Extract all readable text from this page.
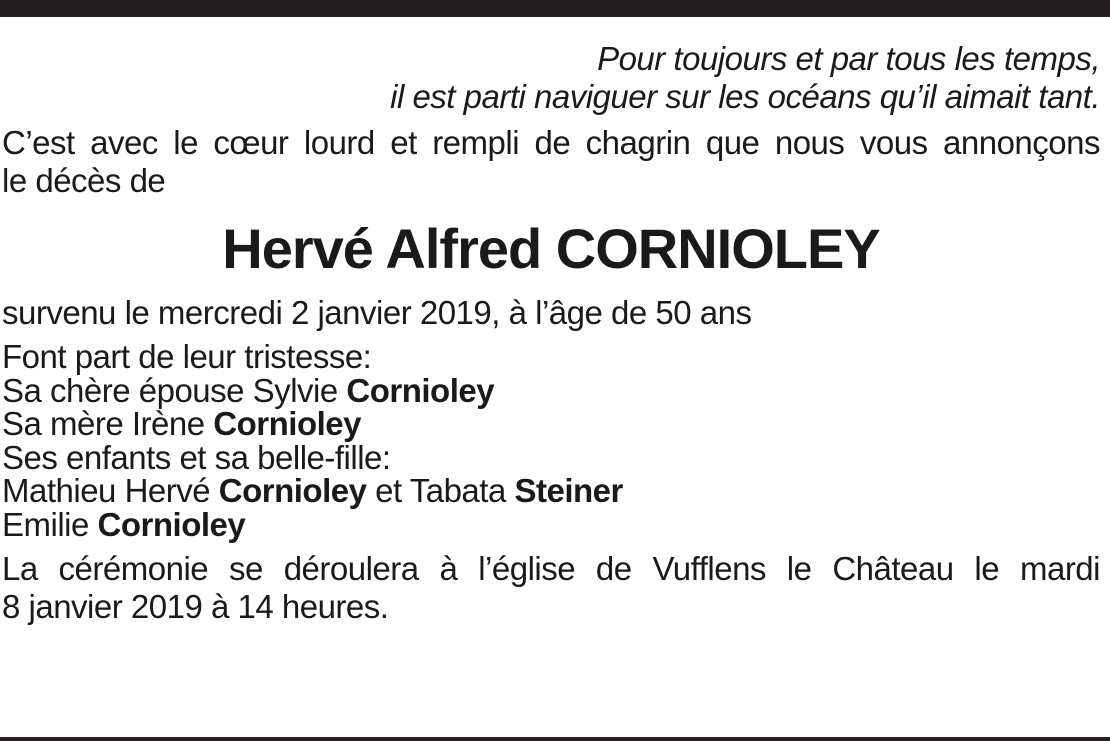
Pour toujours et par tous les temps,
il est parti naviguer sur les océans qu’il aimait tant.

C’est avec le cœur lourd et rempli de chagrin que nous vous annonçons
le décès de

Hervé Alfred CORNIOLEY

survenu le mercredi 2 janvier 2019, à l’âge de 50 ans

Font part de leur tristesse:
Sa chère épouse Sylvie Cornioley
Sa mère Irène Cornioley
Ses enfants et sa belle-fille:
Mathieu Hervé Cornioley et Tabata Steiner
Emilie Cornioley

La cérémonie se déroulera à l’église de Vufflens le Château le mardi
8 janvier 2019 à 14 heures.
